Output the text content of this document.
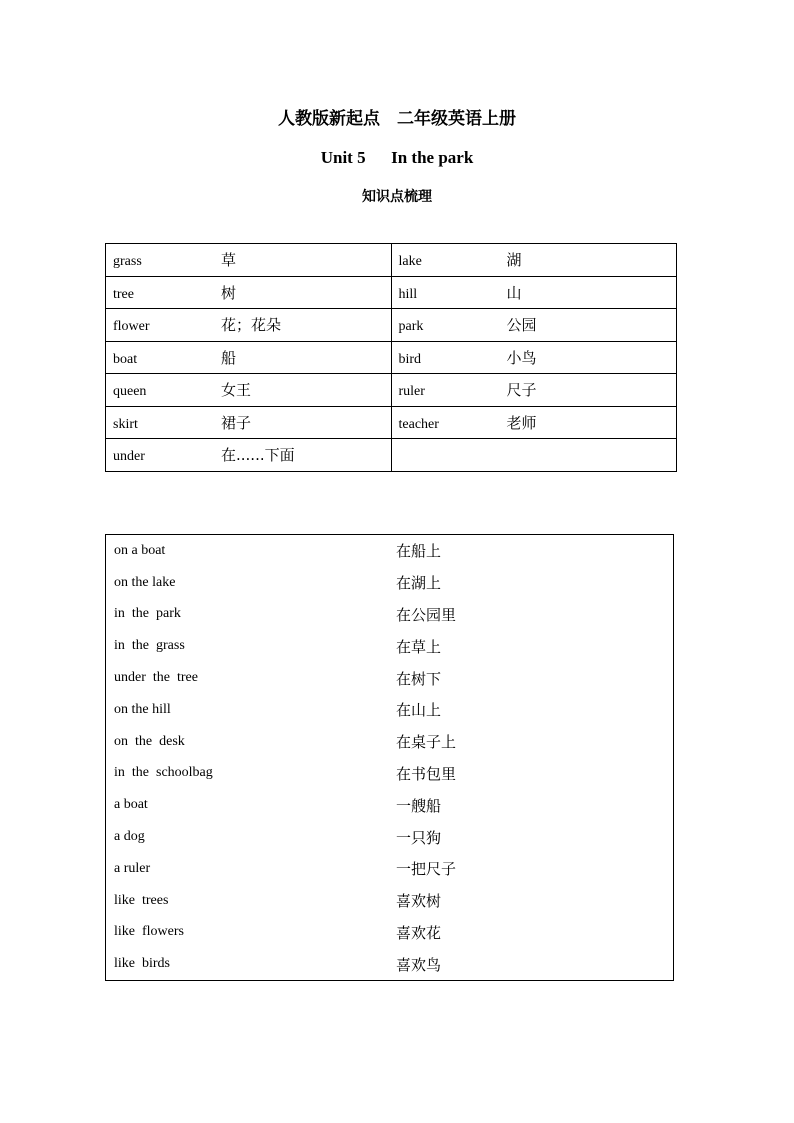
人教版新起点　二年级英语上册
Unit 5      In the park
知识点梳理
grass 草	lake 湖
tree 树	hill 山
flower 花；花朵	park 公园
boat 船	bird 小鸟
queen 女王	ruler 尺子
skirt 裙子	teacher 老师
under 在......下面	
on a boat	在船上
on the lake	在湖上
in  the  park	在公园里
in  the  grass	在草上
under  the  tree	在树下
on the hill	在山上
on  the  desk	在桌子上
in  the  schoolbag	在书包里
a boat	一艘船
a dog	一只狗
a ruler	一把尺子
like  trees	喜欢树
like  flowers	喜欢花
like  birds	喜欢鸟
